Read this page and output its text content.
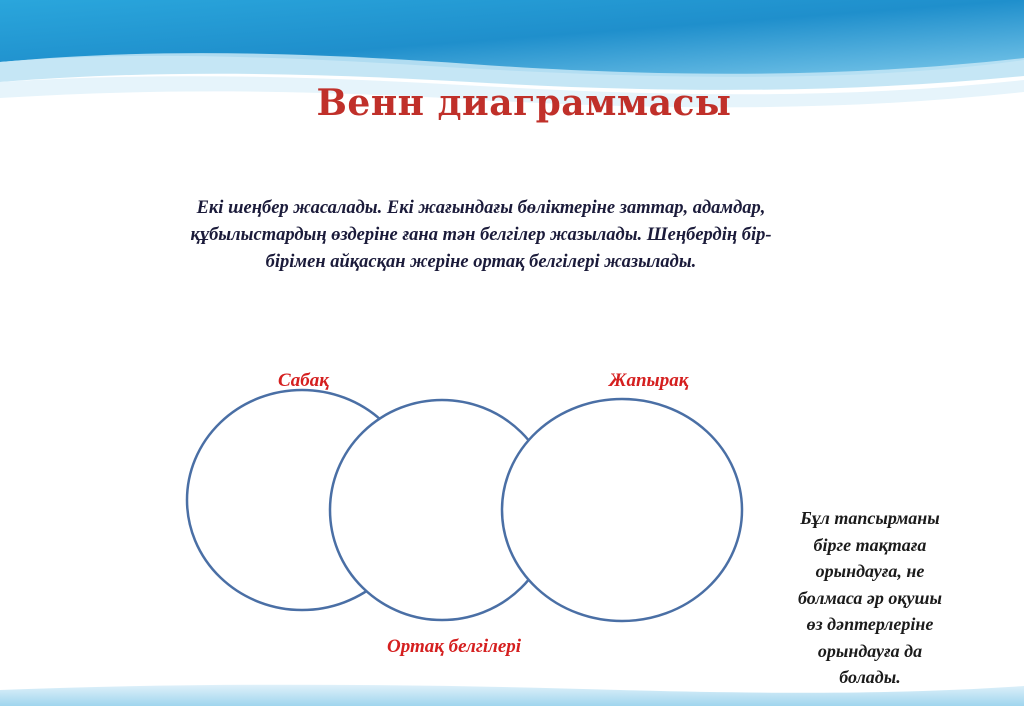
Венн диаграммасы
Екі шеңбер жасалады. Екі жағындағы бөліктеріне заттар, адамдар,
құбылыстардың өздеріне ғана тән белгілер жазылады. Шеңбердің бір-
бірімен айқасқан жеріне ортақ белгілері жазылады.
Сабақ	Жапырақ
Ортақ белгілері
Бұл тапсырманы
бірге тақтаға
орындауға, не
болмаса әр оқушы
өз дәптерлеріне
орындауға да
болады.
